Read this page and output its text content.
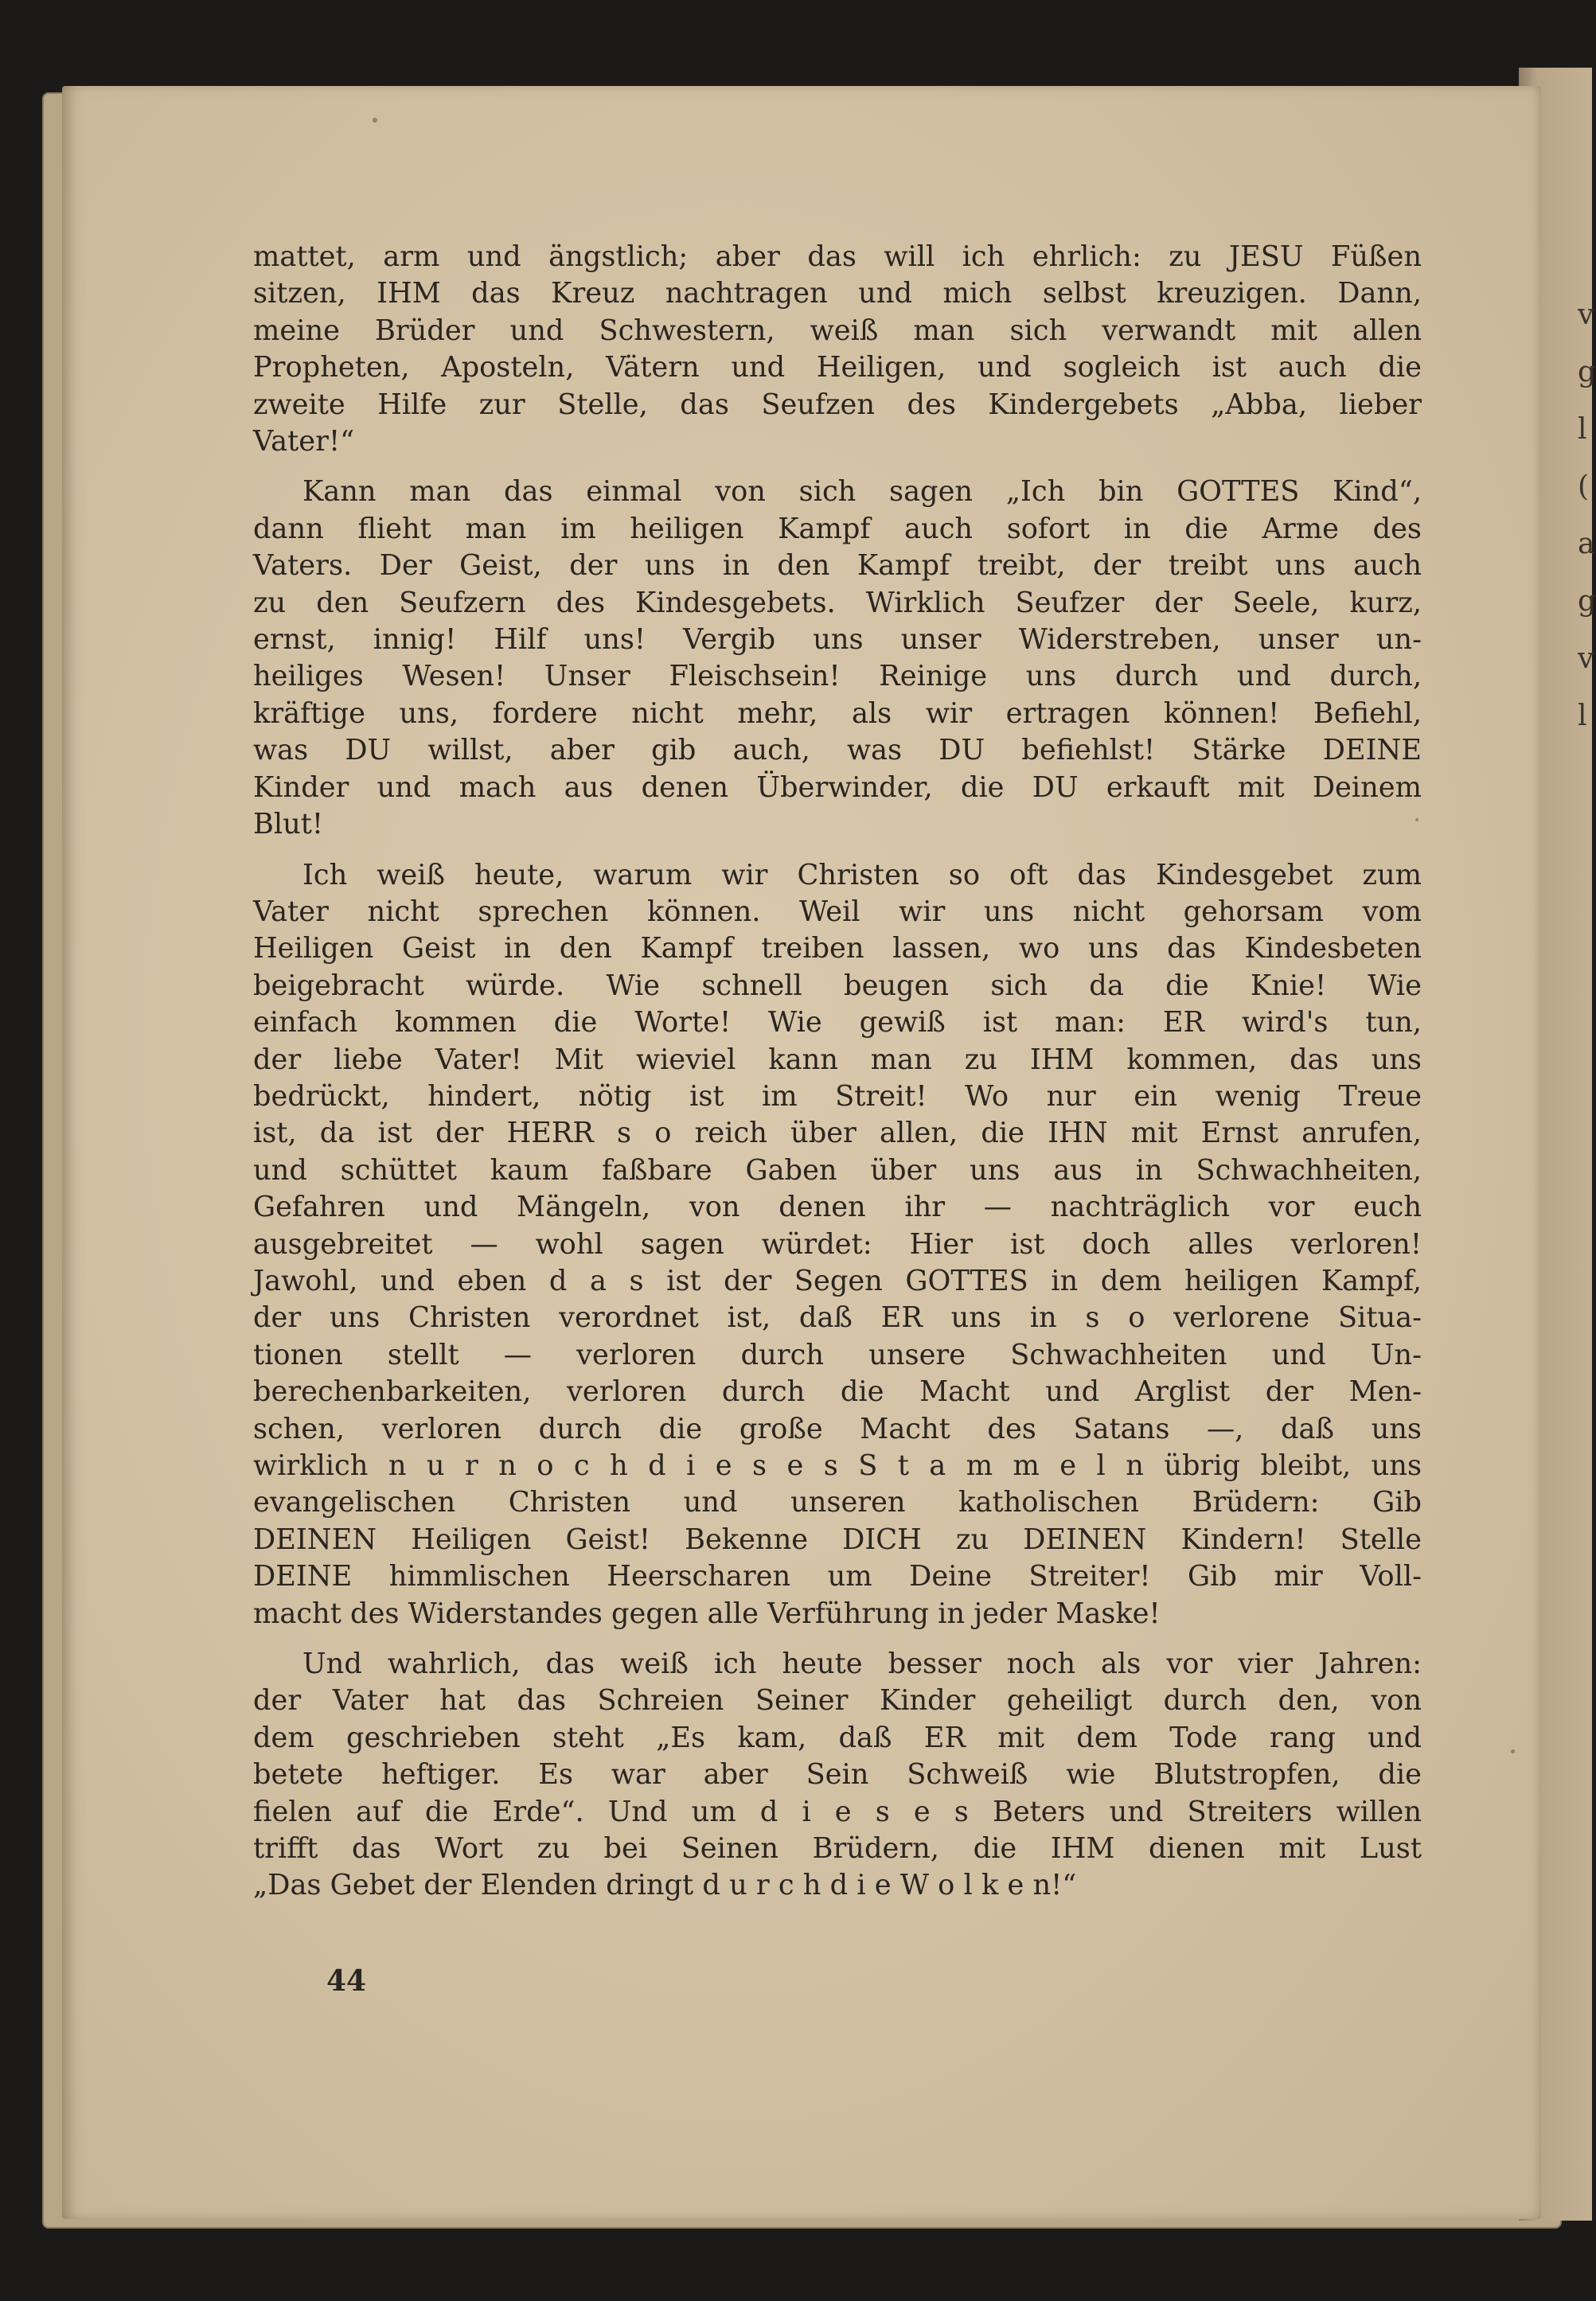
v
g
l
(
a
g
v
l
mattet, arm und ängstlich; aber das will ich ehrlich: zu JESU Füßen
sitzen, IHM das Kreuz nachtragen und mich selbst kreuzigen. Dann,
meine Brüder und Schwestern, weiß man sich verwandt mit allen
Propheten, Aposteln, Vätern und Heiligen, und sogleich ist auch die
zweite Hilfe zur Stelle, das Seufzen des Kindergebets „Abba, lieber
Vater!“
Kann man das einmal von sich sagen „Ich bin GOTTES Kind“,
dann flieht man im heiligen Kampf auch sofort in die Arme des
Vaters. Der Geist, der uns in den Kampf treibt, der treibt uns auch
zu den Seufzern des Kindesgebets. Wirklich Seufzer der Seele, kurz,
ernst, innig! Hilf uns! Vergib uns unser Widerstreben, unser un-
heiliges Wesen! Unser Fleischsein! Reinige uns durch und durch,
kräftige uns, fordere nicht mehr, als wir ertragen können! Befiehl,
was DU willst, aber gib auch, was DU befiehlst! Stärke DEINE
Kinder und mach aus denen Überwinder, die DU erkauft mit Deinem
Blut!
Ich weiß heute, warum wir Christen so oft das Kindesgebet zum
Vater nicht sprechen können. Weil wir uns nicht gehorsam vom
Heiligen Geist in den Kampf treiben lassen, wo uns das Kindesbeten
beigebracht würde. Wie schnell beugen sich da die Knie! Wie
einfach kommen die Worte! Wie gewiß ist man: ER wird's tun,
der liebe Vater! Mit wieviel kann man zu IHM kommen, das uns
bedrückt, hindert, nötig ist im Streit! Wo nur ein wenig Treue
ist, da ist der HERR s o reich über allen, die IHN mit Ernst anrufen,
und schüttet kaum faßbare Gaben über uns aus in Schwachheiten,
Gefahren und Mängeln, von denen ihr — nachträglich vor euch
ausgebreitet — wohl sagen würdet: Hier ist doch alles verloren!
Jawohl, und eben d a s ist der Segen GOTTES in dem heiligen Kampf,
der uns Christen verordnet ist, daß ER uns in s o verlorene Situa-
tionen stellt — verloren durch unsere Schwachheiten und Un-
berechenbarkeiten, verloren durch die Macht und Arglist der Men-
schen, verloren durch die große Macht des Satans —, daß uns
wirklich n u r n o c h d i e s e s S t a m m e l n übrig bleibt, uns
evangelischen Christen und unseren katholischen Brüdern: Gib
DEINEN Heiligen Geist! Bekenne DICH zu DEINEN Kindern! Stelle
DEINE himmlischen Heerscharen um Deine Streiter! Gib mir Voll-
macht des Widerstandes gegen alle Verführung in jeder Maske!
Und wahrlich, das weiß ich heute besser noch als vor vier Jahren:
der Vater hat das Schreien Seiner Kinder geheiligt durch den, von
dem geschrieben steht „Es kam, daß ER mit dem Tode rang und
betete heftiger. Es war aber Sein Schweiß wie Blutstropfen, die
fielen auf die Erde“. Und um d i e s e s Beters und Streiters willen
trifft das Wort zu bei Seinen Brüdern, die IHM dienen mit Lust
„Das Gebet der Elenden dringt d u r c h d i e W o l k e n!“
44
